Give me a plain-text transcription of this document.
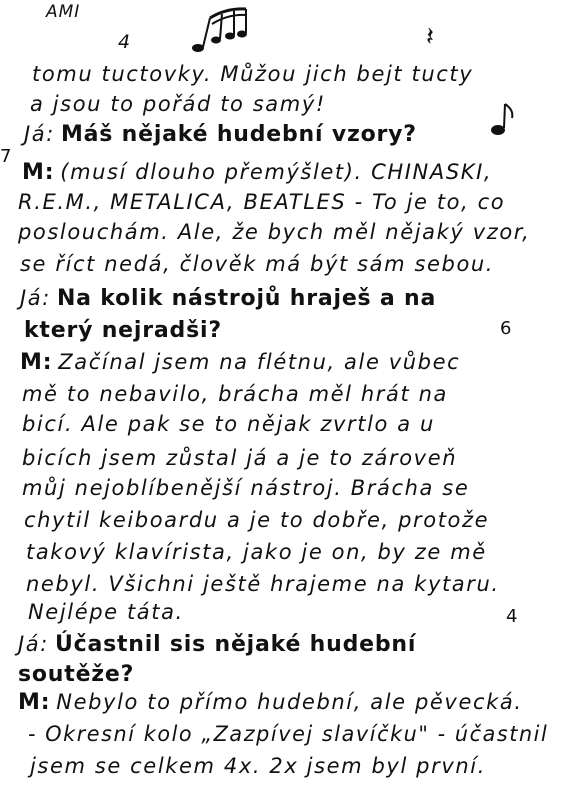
AMI
4	𝄽
7
6
4
tomu tuctovky. Můžou jich bejt tucty
a jsou to pořád to samý!
Já: Máš nějaké hudební vzory?
M: (musí dlouho přemýšlet). CHINASKI,
R.E.M., METALICA, BEATLES - To je to, co
poslouchám. Ale, že bych měl nějaký vzor,
se říct nedá, člověk má být sám sebou.
Já: Na kolik nástrojů hraješ a na
který nejradši?
M: Začínal jsem na flétnu, ale vůbec
mě to nebavilo, brácha měl hrát na
bicí. Ale pak se to nějak zvrtlo a u
bicích jsem zůstal já a je to zároveň
můj nejoblíbenější nástroj. Brácha se
chytil keiboardu a je to dobře, protože
takový klavírista, jako je on, by ze mě
nebyl. Všichni ještě hrajeme na kytaru.
Nejlépe táta.
Já: Účastnil sis nějaké hudební
soutěže?
M: Nebylo to přímo hudební, ale pěvecká.
- Okresní kolo „Zazpívej slavíčku" - účastnil
jsem se celkem 4x. 2x jsem byl první.
